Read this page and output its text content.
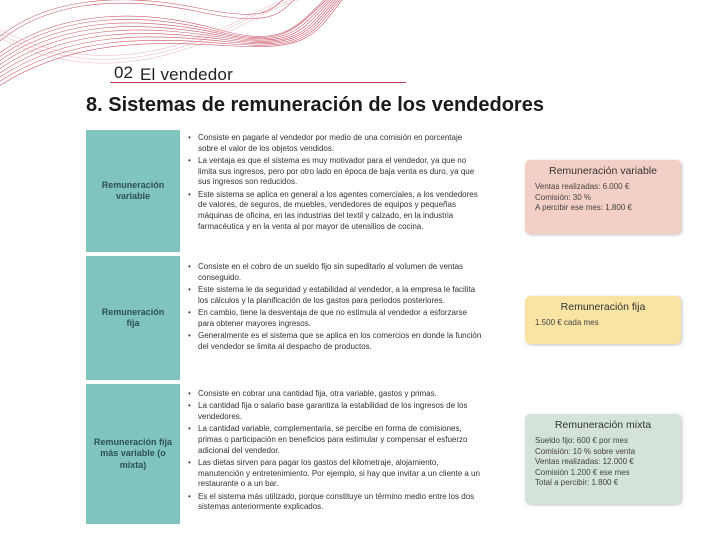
02 El vendedor
8. Sistemas de remuneración de los vendedores
Remuneración
variable
• Consiste en pagarle al vendedor por medio de una comisión en porcentaje sobre el valor de los objetos vendidos.
• La ventaja es que el sistema es muy motivador para el vendedor, ya que no limita sus ingresos, pero por otro lado en época de baja venta es duro, ya que sus ingresos son reducidos.
• Este sistema se aplica en general a los agentes comerciales, a los vendedores de valores, de seguros, de muebles, vendedores de equipos y pequeñas máquinas de oficina, en las industrias del textil y calzado, en la industria farmacéutica y en la venta al por mayor de utensilios de cocina.
Remuneración variable
Ventas realizadas: 6.000 €
Comisión: 30 %
A percibir ese mes: 1.800 €
Remuneración
fija
• Consiste en el cobro de un sueldo fijo sin supeditarlo al volumen de ventas conseguido.
• Este sistema le da seguridad y estabilidad al vendedor, a la empresa le facilita los cálculos y la planificación de los gastos para periodos posteriores.
• En cambio, tiene la desventaja de que no estimula al vendedor a esforzarse para obtener mayores ingresos.
• Generalmente es el sistema que se aplica en los comercios en donde la función del vendedor se limita al despacho de productos.
Remuneración fija
1.500 € cada mes
Remuneración fija
más variable (o mixta)
• Consiste en cobrar una cantidad fija, otra variable, gastos y primas.
• La cantidad fija o salario base garantiza la estabilidad de los ingresos de los vendedores.
• La cantidad variable, complementaria, se percibe en forma de comisiones, primas o participación en beneficios para estimular y compensar el esfuerzo adicional del vendedor.
• Las dietas sirven para pagar los gastos del kilometraje, alojamiento, manutención y entretenimiento. Por ejemplo, si hay que invitar a un cliente a un restaurante o a un bar.
• Es el sistema más utilizado, porque constituye un término medio entre los dos sistemas anteriormente explicados.
Remuneración mixta
Sueldo fijo: 600 € por mes
Comisión: 10 % sobre venta
Ventas realizadas: 12.000 €
Comisión 1.200 € ese mes
Total a percibir: 1.800 €
